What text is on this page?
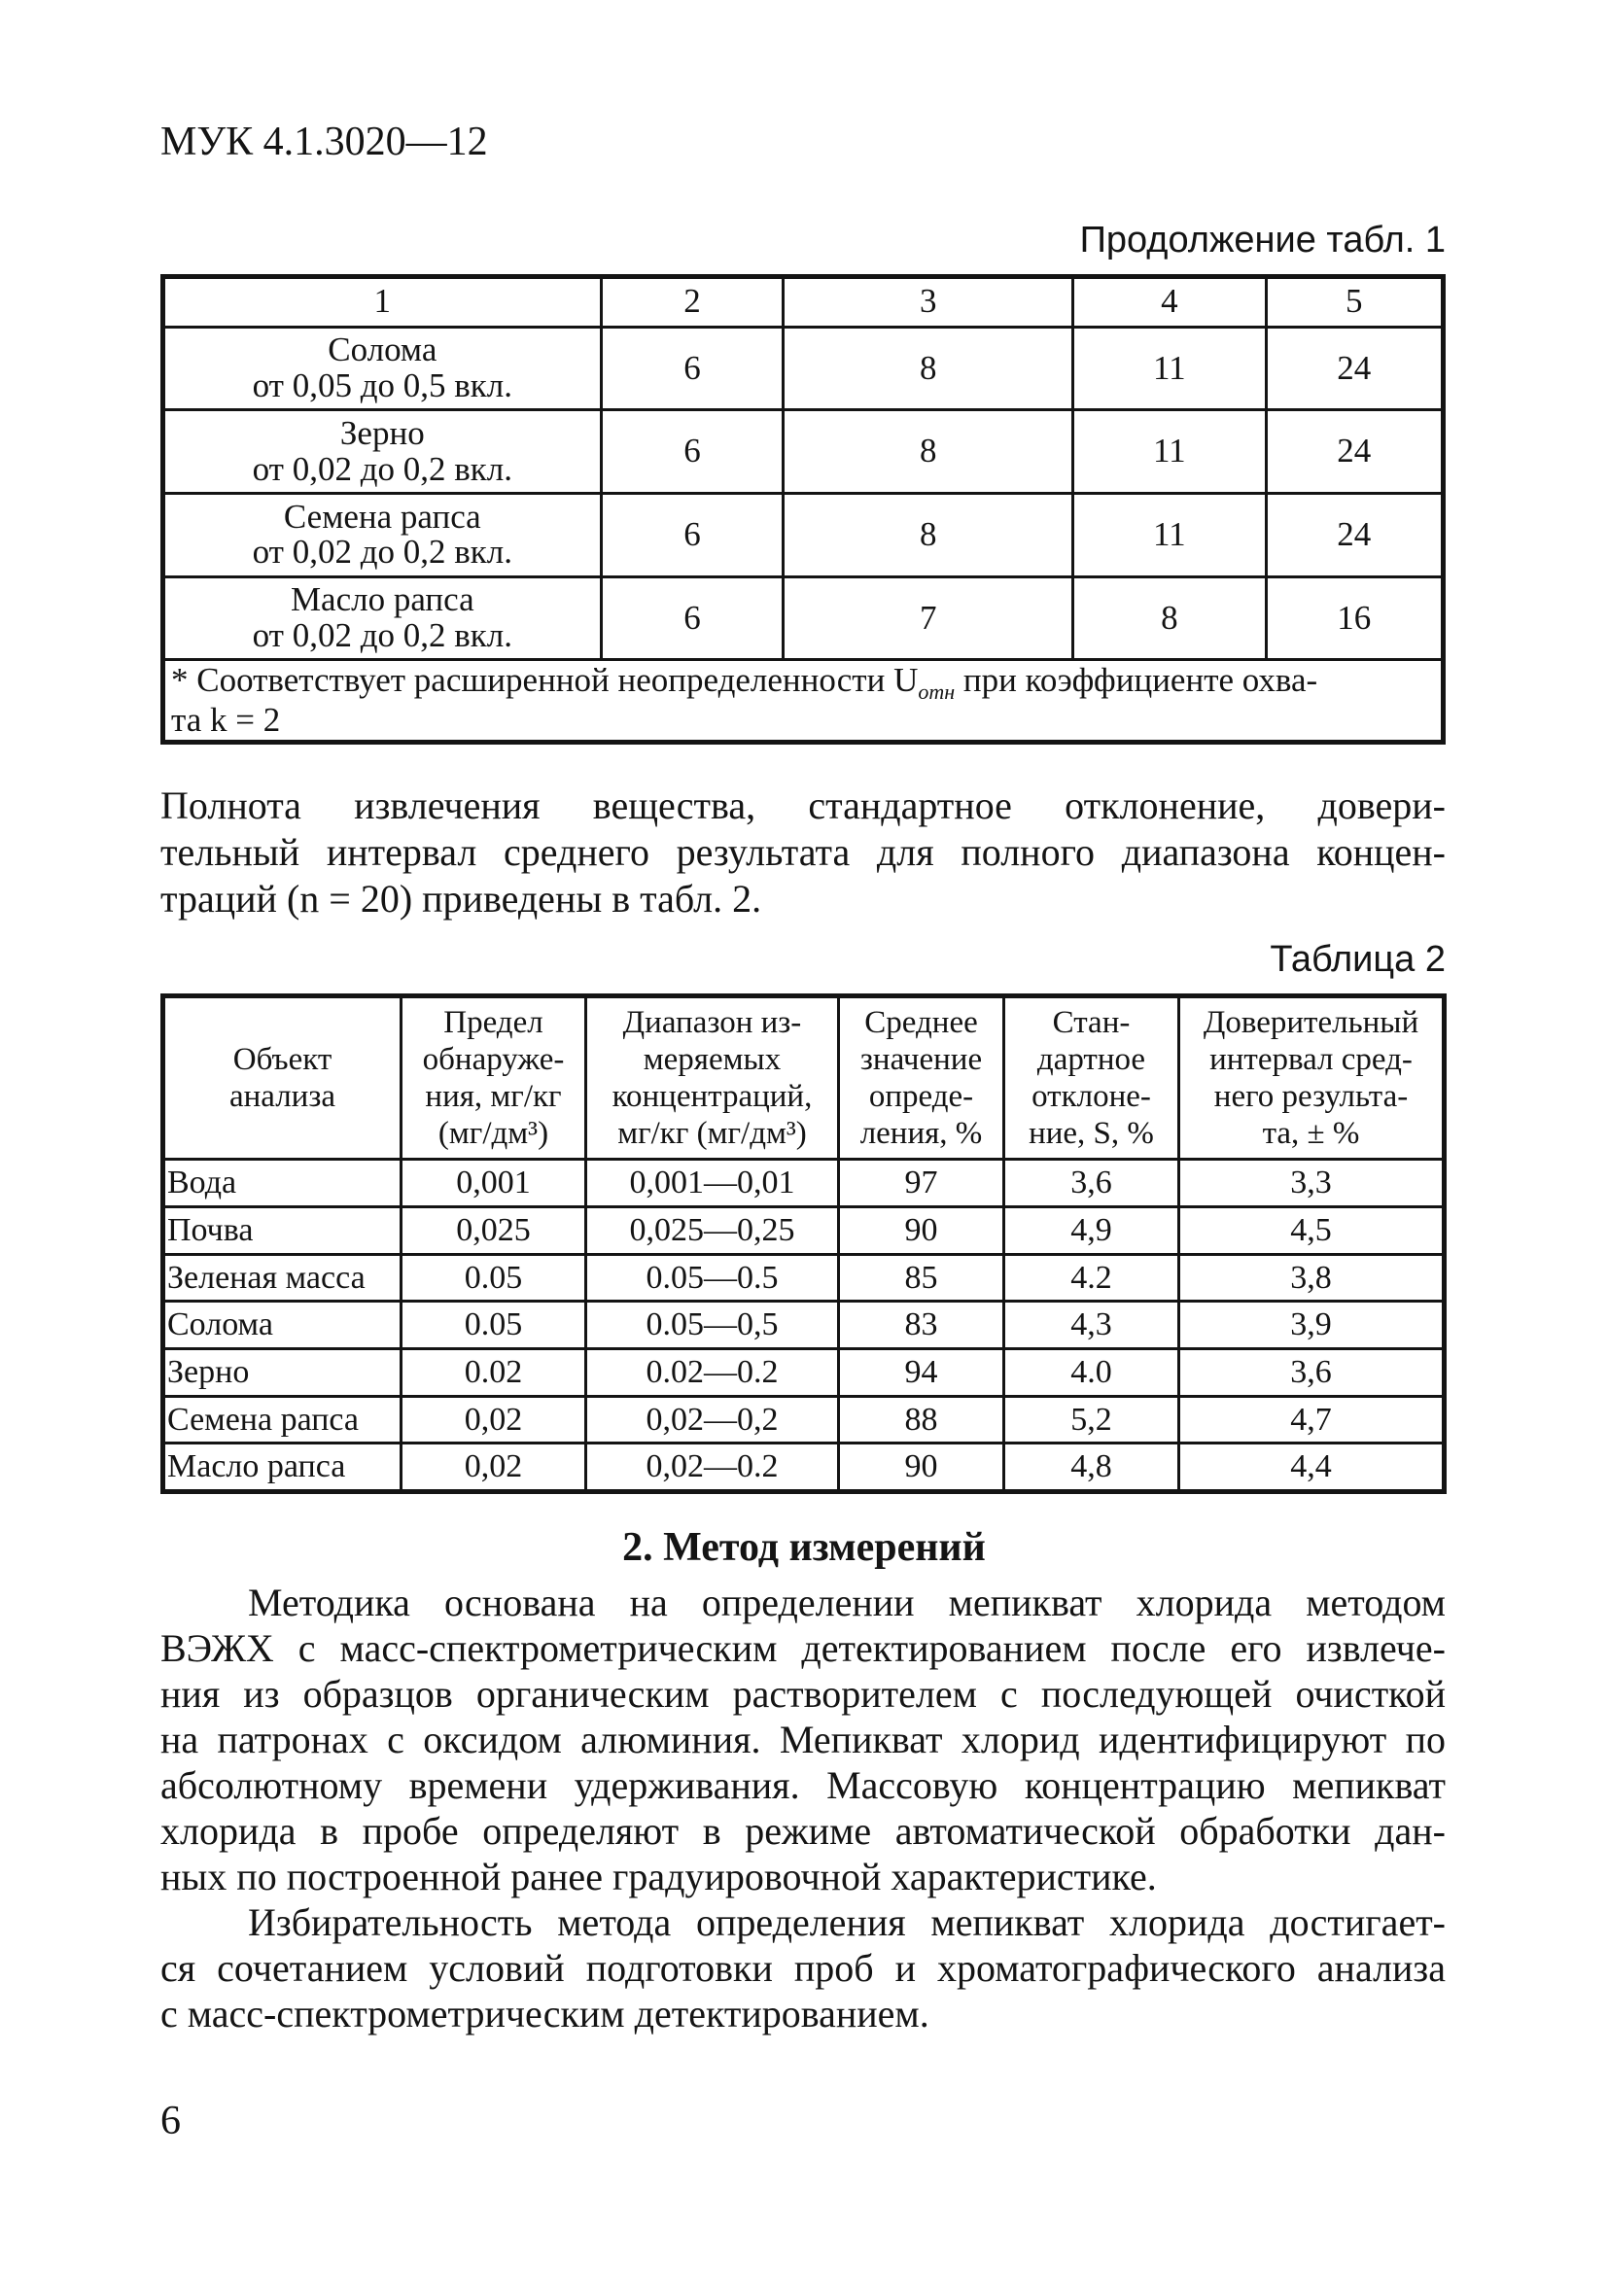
МУК 4.1.3020—12
Продолжение табл. 1
1	2	3	4	5
Солома
от 0,05 до 0,5 вкл.	6	8	11	24
Зерно
от 0,02 до 0,2 вкл.	6	8	11	24
Семена рапса
от 0,02 до 0,2 вкл.	6	8	11	24
Масло рапса
от 0,02 до 0,2 вкл.	6	7	8	16
* Соответствует расширенной неопределенности $U_{отн}$ при коэффициенте охва-
та k = 2				
Полнота извлечения вещества, стандартное отклонение, довери-
тельный интервал среднего результата для полного диапазона концен-
траций (n = 20) приведены в табл. 2.
Таблица 2
Объект
анализа	Предел
обнаруже-
ния, мг/кг
(мг/дм³)	Диапазон из-
меряемых
концентраций,
мг/кг (мг/дм³)	Среднее
значение
опреде-
ления, %	Стан-
дартное
отклоне-
ние, S, %	Доверительный
интервал сред-
него результа-
та, ± %
Вода	0,001	0,001—0,01	97	3,6	3,3
Почва	0,025	0,025—0,25	90	4,9	4,5
Зеленая масса	0.05	0.05—0.5	85	4.2	3,8
Солома	0.05	0.05—0,5	83	4,3	3,9
Зерно	0.02	0.02—0.2	94	4.0	3,6
Семена рапса	0,02	0,02—0,2	88	5,2	4,7
Масло рапса	0,02	0,02—0.2	90	4,8	4,4
2. Метод измерений
Методика основана на определении мепикват хлорида методом
ВЭЖХ с масс-спектрометрическим детектированием после его извлече-
ния из образцов органическим растворителем с последующей очисткой
на патронах с оксидом алюминия. Мепикват хлорид идентифицируют по
абсолютному времени удерживания. Массовую концентрацию мепикват
хлорида в пробе определяют в режиме автоматической обработки дан-
ных по построенной ранее градуировочной характеристике.
Избирательность метода определения мепикват хлорида достигает-
ся сочетанием условий подготовки проб и хроматографического анализа
с масс-спектрометрическим детектированием.
6
